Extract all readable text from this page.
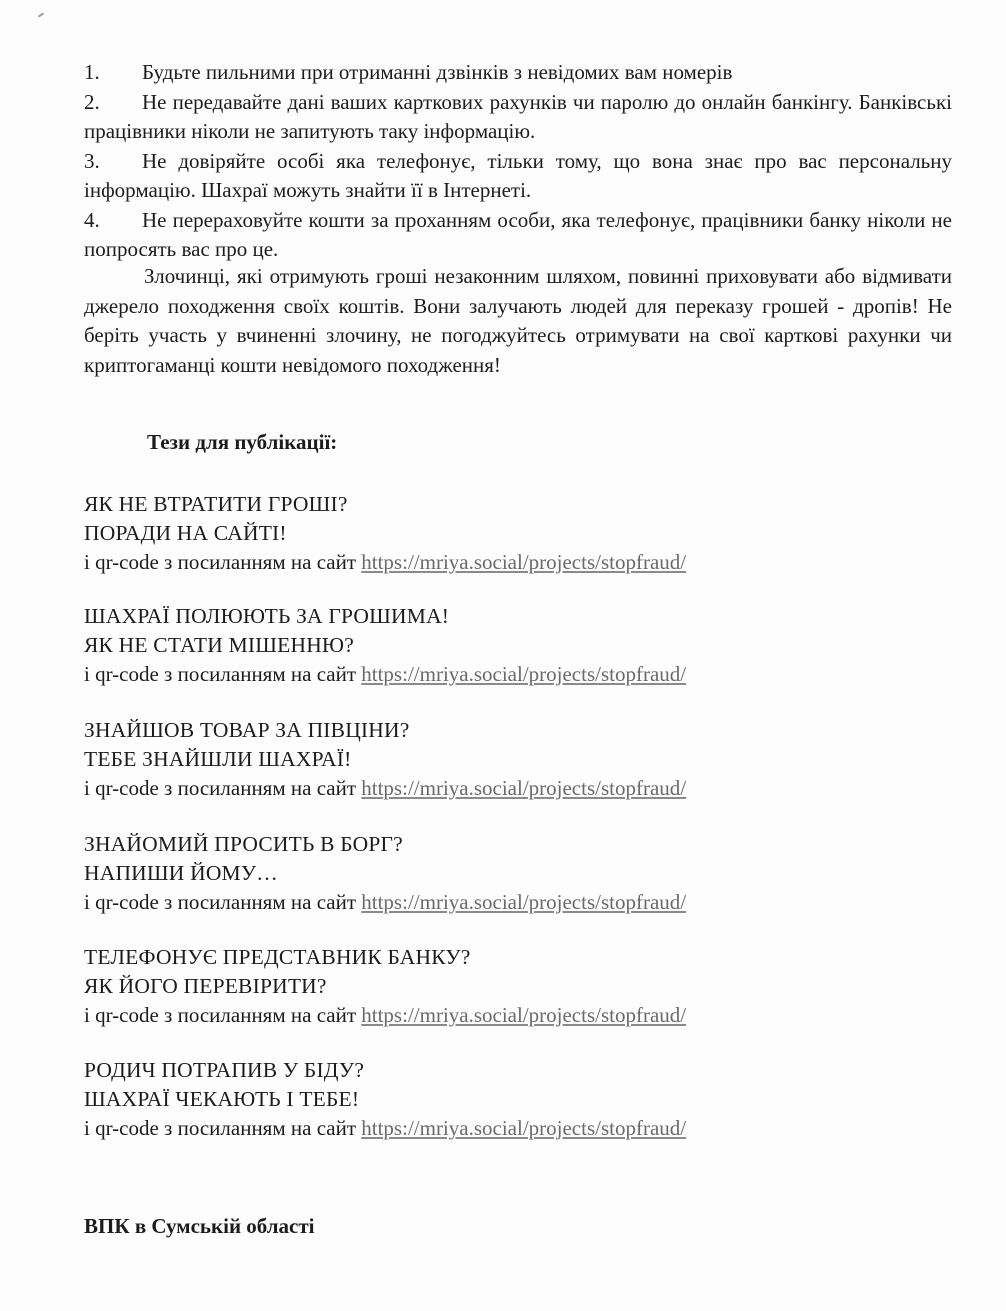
1. Будьте пильними при отриманні дзвінків з невідомих вам номерів
2. Не передавайте дані ваших карткових рахунків чи паролю до онлайн банкінгу. Банківські працівники ніколи не запитують таку інформацію.
3. Не довіряйте особі яка телефонує, тільки тому, що вона знає про вас персональну інформацію. Шахраї можуть знайти її в Інтернеті.
4. Не перераховуйте кошти за проханням особи, яка телефонує, працівники банку ніколи не попросять вас про це.
Злочинці, які отримують гроші незаконним шляхом, повинні приховувати або відмивати джерело походження своїх коштів. Вони залучають людей для переказу грошей - дропів! Не беріть участь у вчиненні злочину, не погоджуйтесь отримувати на свої карткові рахунки чи криптогаманці кошти невідомого походження!
Тези для публікації:
ЯК НЕ ВТРАТИТИ ГРОШІ?
ПОРАДИ НА САЙТІ!
і qr-code з посиланням на сайт https://mriya.social/projects/stopfraud/
ШАХРАЇ ПОЛЮЮТЬ ЗА ГРОШИМА!
ЯК НЕ СТАТИ МІШЕННЮ?
і qr-code з посиланням на сайт https://mriya.social/projects/stopfraud/
ЗНАЙШОВ ТОВАР ЗА ПІВЦІНИ?
ТЕБЕ ЗНАЙШЛИ ШАХРАЇ!
і qr-code з посиланням на сайт https://mriya.social/projects/stopfraud/
ЗНАЙОМИЙ ПРОСИТЬ В БОРГ?
НАПИШИ ЙОМУ…
і qr-code з посиланням на сайт https://mriya.social/projects/stopfraud/
ТЕЛЕФОНУЄ ПРЕДСТАВНИК БАНКУ?
ЯК ЙОГО ПЕРЕВІРИТИ?
і qr-code з посиланням на сайт https://mriya.social/projects/stopfraud/
РОДИЧ ПОТРАПИВ У БІДУ?
ШАХРАЇ ЧЕКАЮТЬ І ТЕБЕ!
і qr-code з посиланням на сайт https://mriya.social/projects/stopfraud/
ВПК в Сумській області
